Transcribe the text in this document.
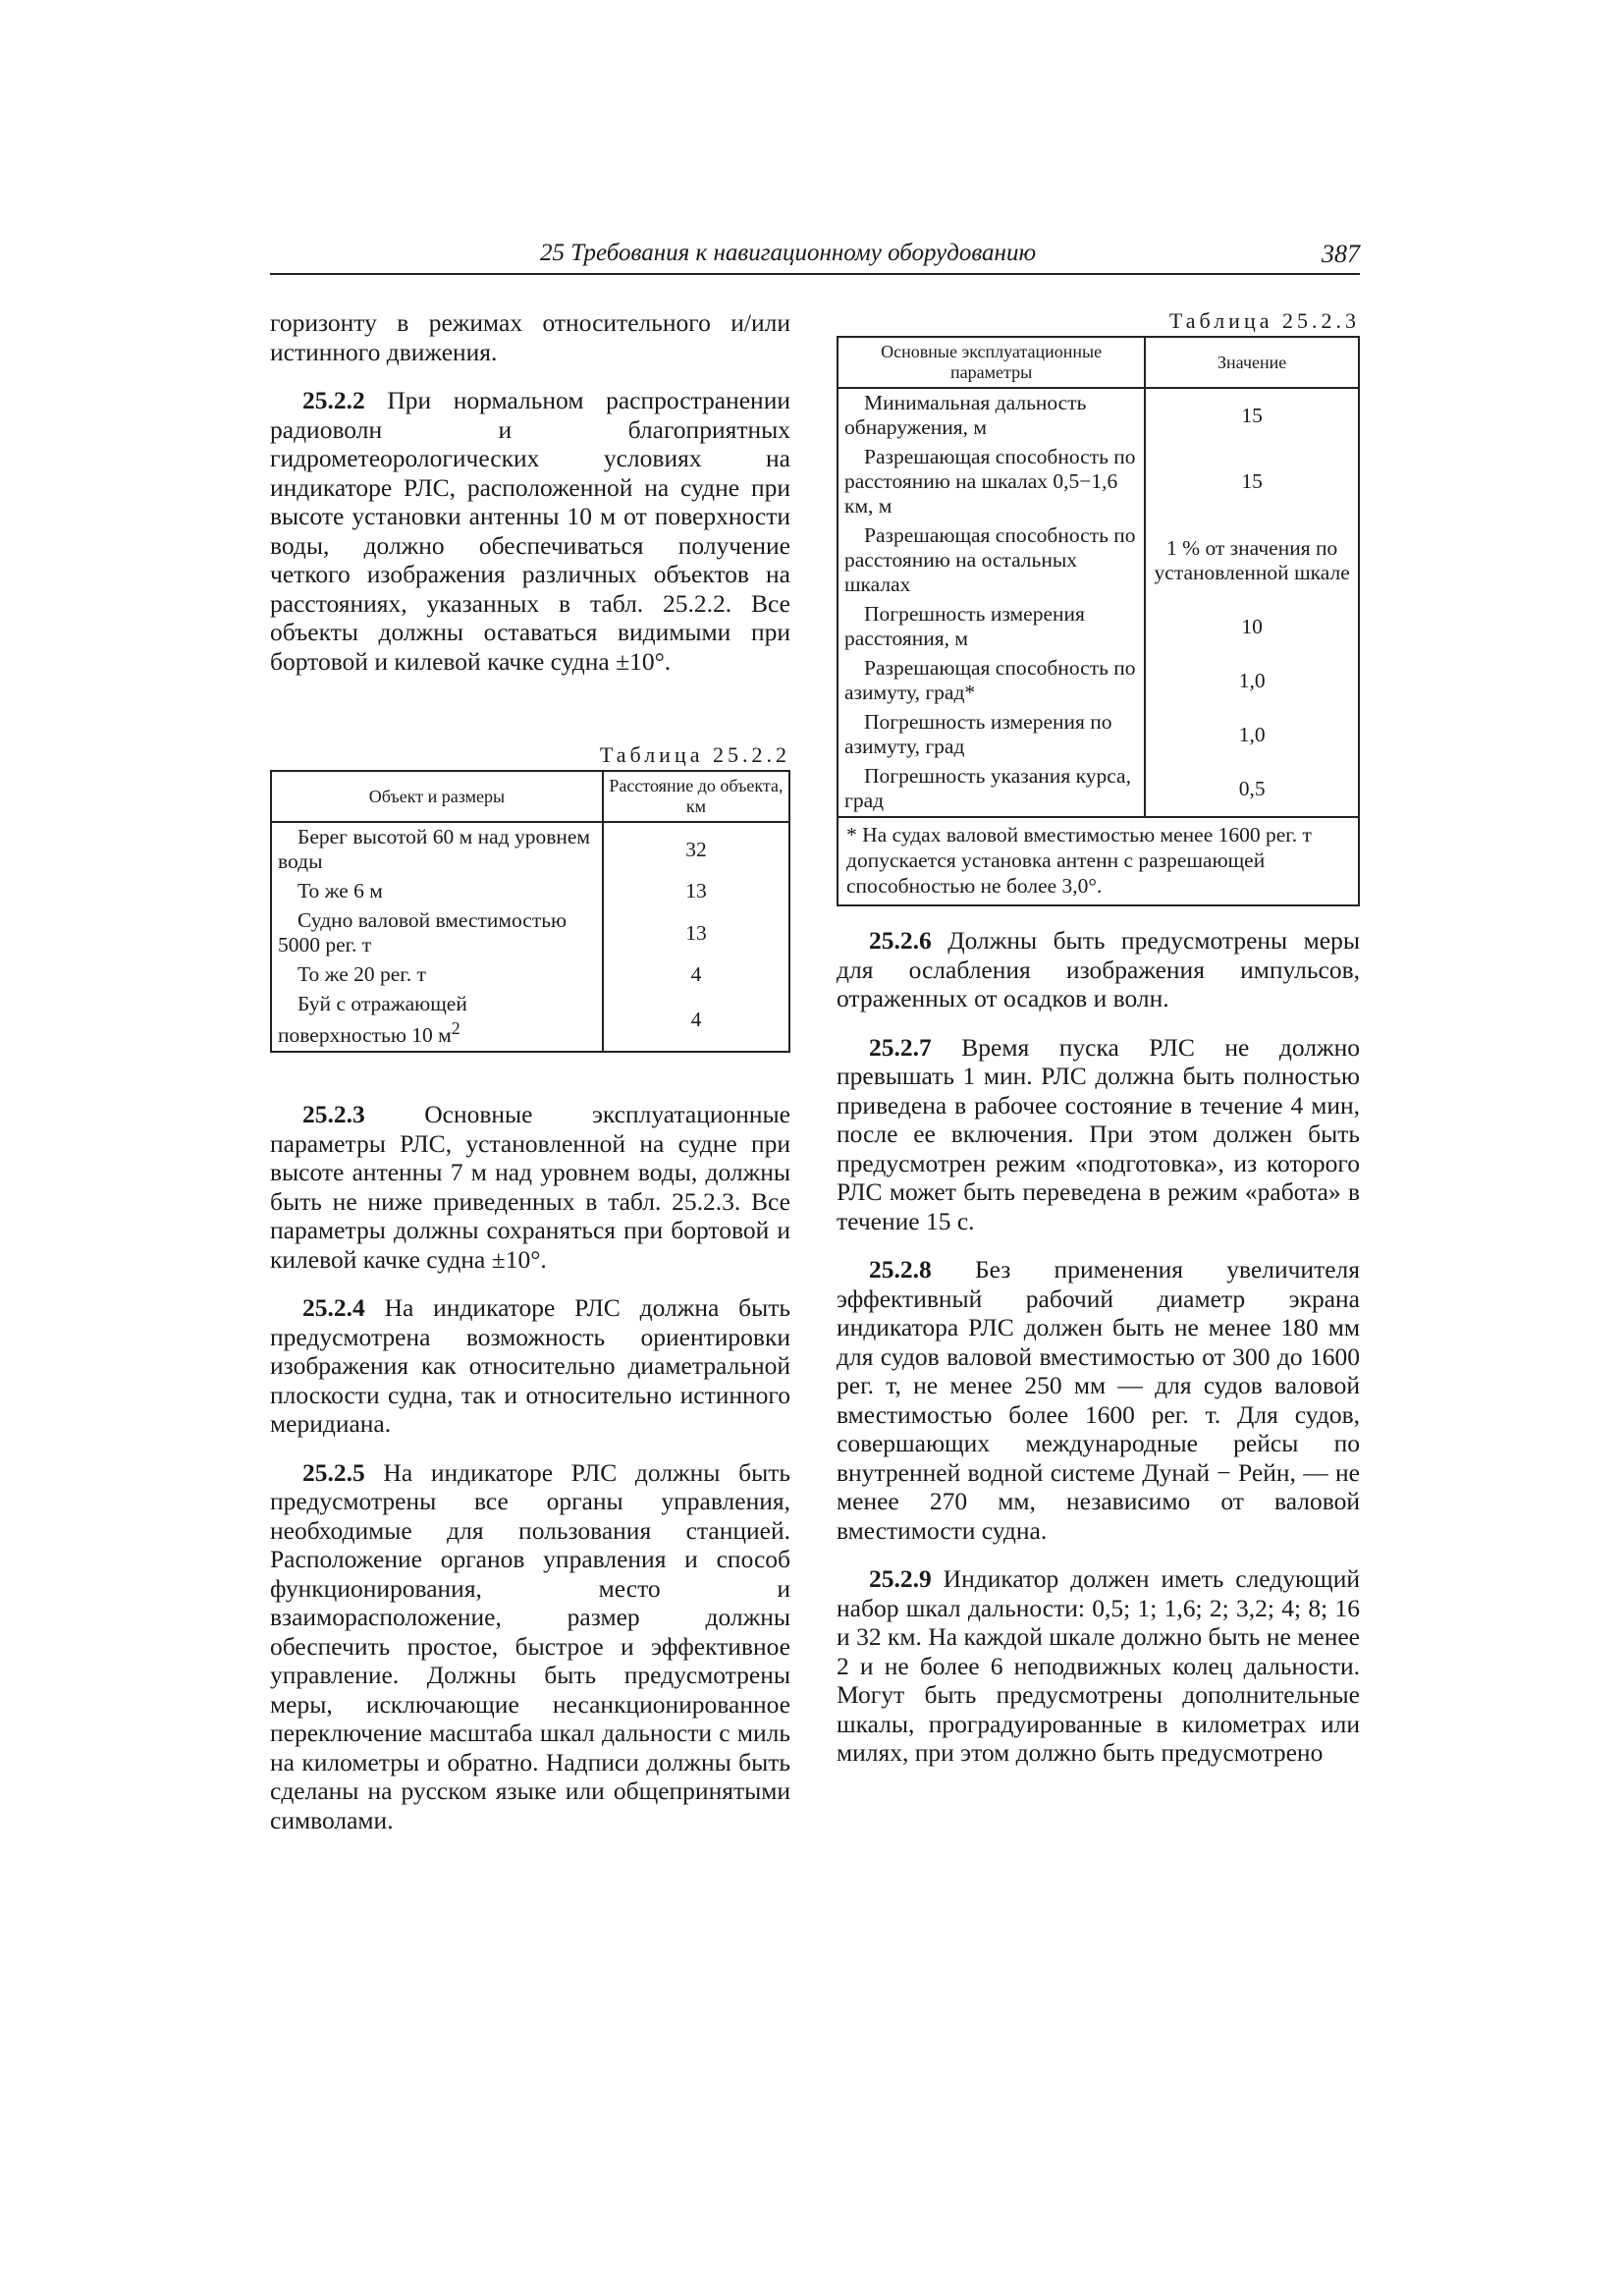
25 Требования к навигационному оборудованию	387

горизонту в режимах относительного и/или истинного движения.

25.2.2 При нормальном распространении радиоволн и благоприятных гидрометеорологических условиях на индикаторе РЛС, расположенной на судне при высоте установки антенны 10 м от поверхности воды, должно обеспечиваться получение четкого изображения различных объектов на расстояниях, указанных в табл. 25.2.2. Все объекты должны оставаться видимыми при бортовой и килевой качке судна ±10°.

Таблица 25.2.2
Объект и размеры	Расстояние до объекта, км
Берег высотой 60 м над уровнем воды	32
То же 6 м	13
Судно валовой вместимостью 5000 рег. т	13
То же 20 рег. т	4
Буй с отражающей поверхностью 10 $м^2$	4

25.2.3 Основные эксплуатационные параметры РЛС, установленной на судне при высоте антенны 7 м над уровнем воды, должны быть не ниже приведенных в табл. 25.2.3. Все параметры должны сохраняться при бортовой и килевой качке судна ±10°.

25.2.4 На индикаторе РЛС должна быть предусмотрена возможность ориентировки изображения как относительно диаметральной плоскости судна, так и относительно истинного меридиана.

25.2.5 На индикаторе РЛС должны быть предусмотрены все органы управления, необходимые для пользования станцией. Расположение органов управления и способ функционирования, место и взаиморасположение, размер должны обеспечить простое, быстрое и эффективное управление. Должны быть предусмотрены меры, исключающие несанкционированное переключение масштаба шкал дальности с миль на километры и обратно. Надписи должны быть сделаны на русском языке или общепринятыми символами.

Таблица 25.2.3
Основные эксплуатационные параметры	Значение
Минимальная дальность обнаружения, м	15
Разрешающая способность по расстоянию на шкалах 0,5−1,6 км, м	15
Разрешающая способность по расстоянию на остальных шкалах	1 % от значения по установленной шкале
Погрешность измерения расстояния, м	10
Разрешающая способность по азимуту, град*	1,0
Погрешность измерения по азимуту, град	1,0
Погрешность указания курса, град	0,5
* На судах валовой вместимостью менее 1600 рег. т допускается установка антенн с разрешающей способностью не более 3,0°.	

25.2.6 Должны быть предусмотрены меры для ослабления изображения импульсов, отраженных от осадков и волн.

25.2.7 Время пуска РЛС не должно превышать 1 мин. РЛС должна быть полностью приведена в рабочее состояние в течение 4 мин, после ее включения. При этом должен быть предусмотрен режим «подготовка», из которого РЛС может быть переведена в режим «работа» в течение 15 с.

25.2.8 Без применения увеличителя эффективный рабочий диаметр экрана индикатора РЛС должен быть не менее 180 мм для судов валовой вместимостью от 300 до 1600 рег. т, не менее 250 мм — для судов валовой вместимостью более 1600 рег. т. Для судов, совершающих международные рейсы по внутренней водной системе Дунай − Рейн, — не менее 270 мм, независимо от валовой вместимости судна.

25.2.9 Индикатор должен иметь следующий набор шкал дальности: 0,5; 1; 1,6; 2; 3,2; 4; 8; 16 и 32 км. На каждой шкале должно быть не менее 2 и не более 6 неподвижных колец дальности. Могут быть предусмотрены дополнительные шкалы, проградуированные в километрах или милях, при этом должно быть предусмотрено
